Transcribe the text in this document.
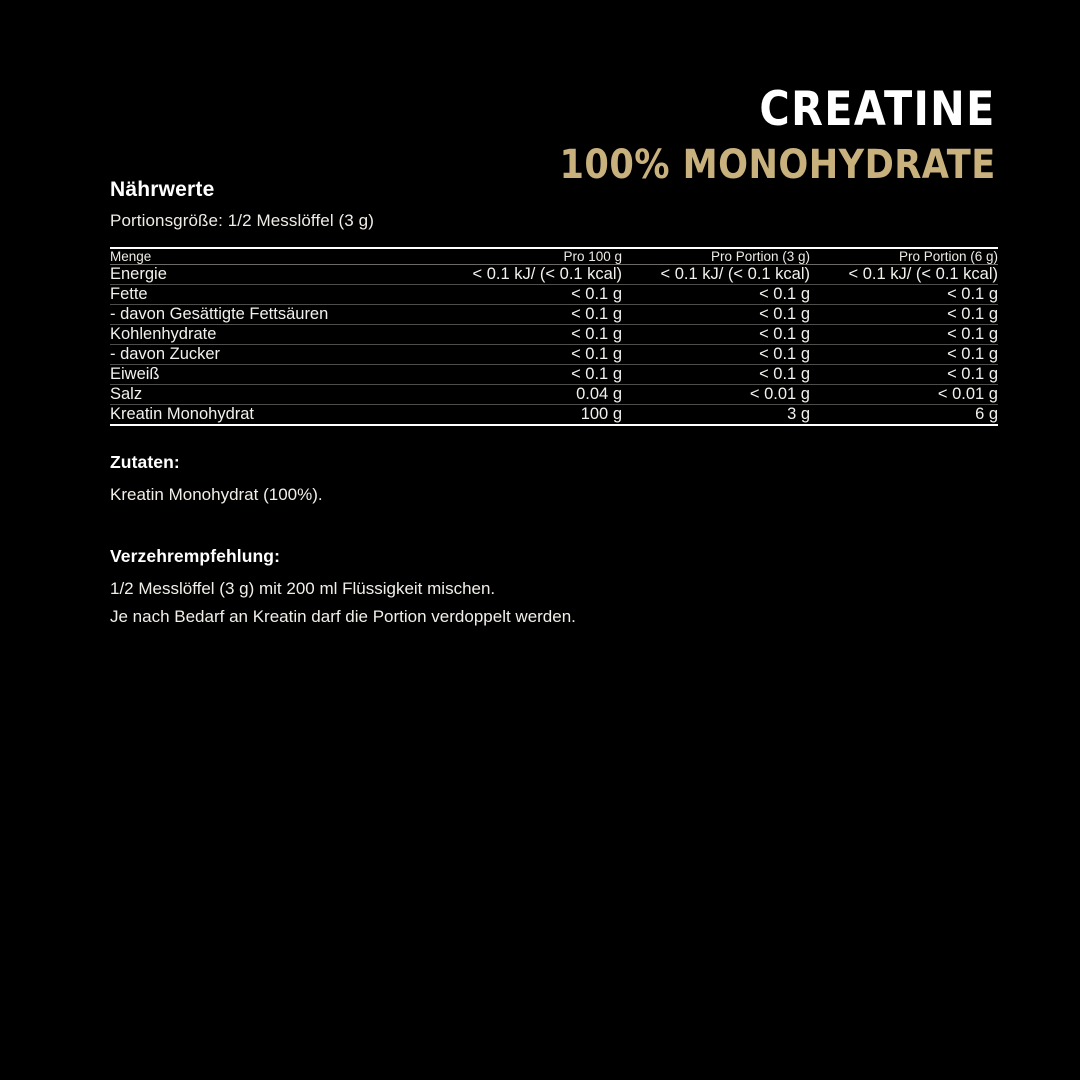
CREATINE
100% MONOHYDRATE
Nährwerte
Portionsgröße: 1/2 Messlöffel (3 g)
Menge	Pro 100 g	Pro Portion (3 g)	Pro Portion (6 g)
Energie	< 0.1 kJ/ (< 0.1 kcal)	< 0.1 kJ/ (< 0.1 kcal)	< 0.1 kJ/ (< 0.1 kcal)
Fette	< 0.1 g	< 0.1 g	< 0.1 g
- davon Gesättigte Fettsäuren	< 0.1 g	< 0.1 g	< 0.1 g
Kohlenhydrate	< 0.1 g	< 0.1 g	< 0.1 g
- davon Zucker	< 0.1 g	< 0.1 g	< 0.1 g
Eiweiß	< 0.1 g	< 0.1 g	< 0.1 g
Salz	0.04 g	< 0.01 g	< 0.01 g
Kreatin Monohydrat	100 g	3 g	6 g
Zutaten:
Kreatin Monohydrat (100%).
Verzehrempfehlung:
1/2 Messlöffel (3 g) mit 200 ml Flüssigkeit mischen.
Je nach Bedarf an Kreatin darf die Portion verdoppelt werden.
